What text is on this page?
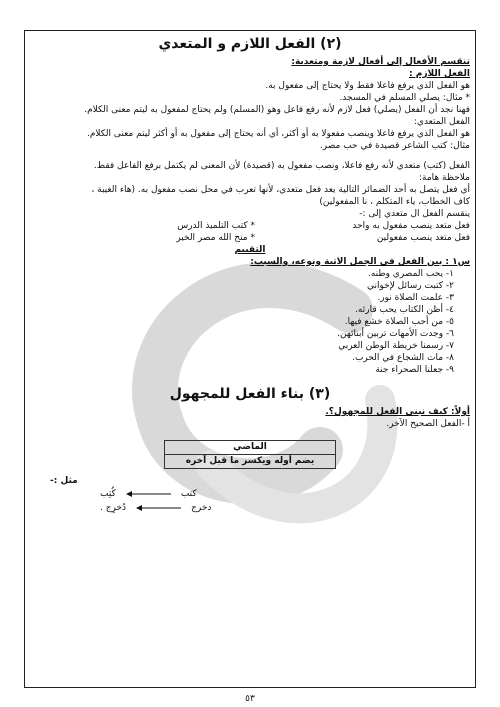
(٢) الفعل اللازم و المتعدي

تنقسم الأفعال إلى أفعال لازمة ومتعدية:

الفعل اللازم :

هو الفعل الذي يرفع فاعلا فقط ولا يحتاج إلى مفعول به.

* مثال: يصلي المسلم في المسجد.

فهنا نجد أن الفعل (يصلي) فعل لازم لأنه رفع فاعل وهو (المسلم) ولم يحتاج لمفعول به ليتم معنى الكلام.

الفعل المتعدي:

هو الفعل الذي يرفع فاعلا وينصب مفعولا به أو أكثر، أي أنه يحتاج إلى مفعول به أو أكثر ليتم معنى الكلام.

مثال: كتب الشاعر قصيدة في حب مصر.

الفعل (كتب) متعدي لأنه رفع فاعلا، ونصب مفعول به (قصيدة) لأن المعنى لم يكتمل برفع الفاعل فقط.

ملاحظة هامة:

أي فعل يتصل به أحد الضمائر التالية يعد فعل متعدي، لأنها تعرب في محل نصب مفعول به. (هاء الغيبة ،

كاف الخطاب، ياء المتكلم ، نا المفعولين)

ينقسم الفعل ال متعدي إلى :-

فعل متعد ينصب مفعول به واحد

* كتب التلميذ الدرس

فعل متعد ينصب مفعولين

* منح الله مصر الخير

التقييم

س١ : بين الفعل في الجمل الاتية ونوعه، والسبب:

١- يحب المصري وطنه.

٢- كتبت رسائل لإخواني

٣- علمت الصلاة نور.

٤- أظن الكتاب يحب قارئه.

٥- من أحب الصلاة خشع فيها.

٦- وجدت الأمهات تربين أبنائهن.

٧- رسمنا خريطة الوطن العربي

٨- مات الشجاع في الحرب.

٩- جعلنا الصحراء جنة

(٣) بناء الفعل للمجهول

أولاً: كيف نبنى الفعل للمجهول؟.

أ -الفعل الصحيح الآخر.

الماضي
يضم أوله ويكسر ما قبل آخره

مثل :-

كتب
كُتِب
دخرج
دُخرِج .
٥٣
